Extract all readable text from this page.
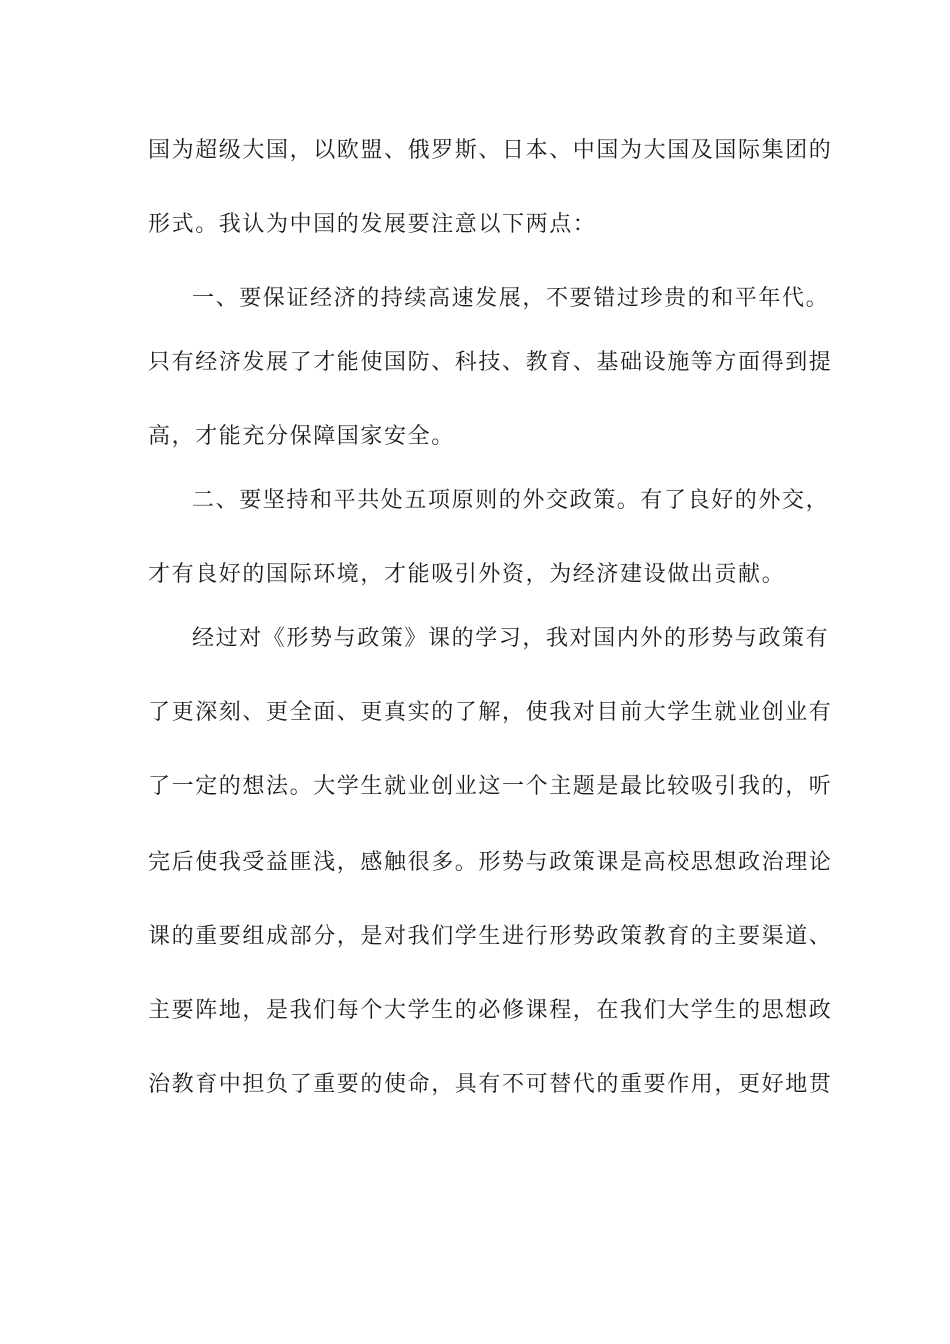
国为超级大国，以欧盟、俄罗斯、日本、中国为大国及国际集团的
形式。我认为中国的发展要注意以下两点：
一、要保证经济的持续高速发展，不要错过珍贵的和平年代。
只有经济发展了才能使国防、科技、教育、基础设施等方面得到提
高，才能充分保障国家安全。
二、要坚持和平共处五项原则的外交政策。有了良好的外交，
才有良好的国际环境，才能吸引外资，为经济建设做出贡献。
经过对《形势与政策》课的学习，我对国内外的形势与政策有
了更深刻、更全面、更真实的了解，使我对目前大学生就业创业有
了一定的想法。大学生就业创业这一个主题是最比较吸引我的，听
完后使我受益匪浅，感触很多。形势与政策课是高校思想政治理论
课的重要组成部分，是对我们学生进行形势政策教育的主要渠道、
主要阵地，是我们每个大学生的必修课程，在我们大学生的思想政
治教育中担负了重要的使命，具有不可替代的重要作用，更好地贯
